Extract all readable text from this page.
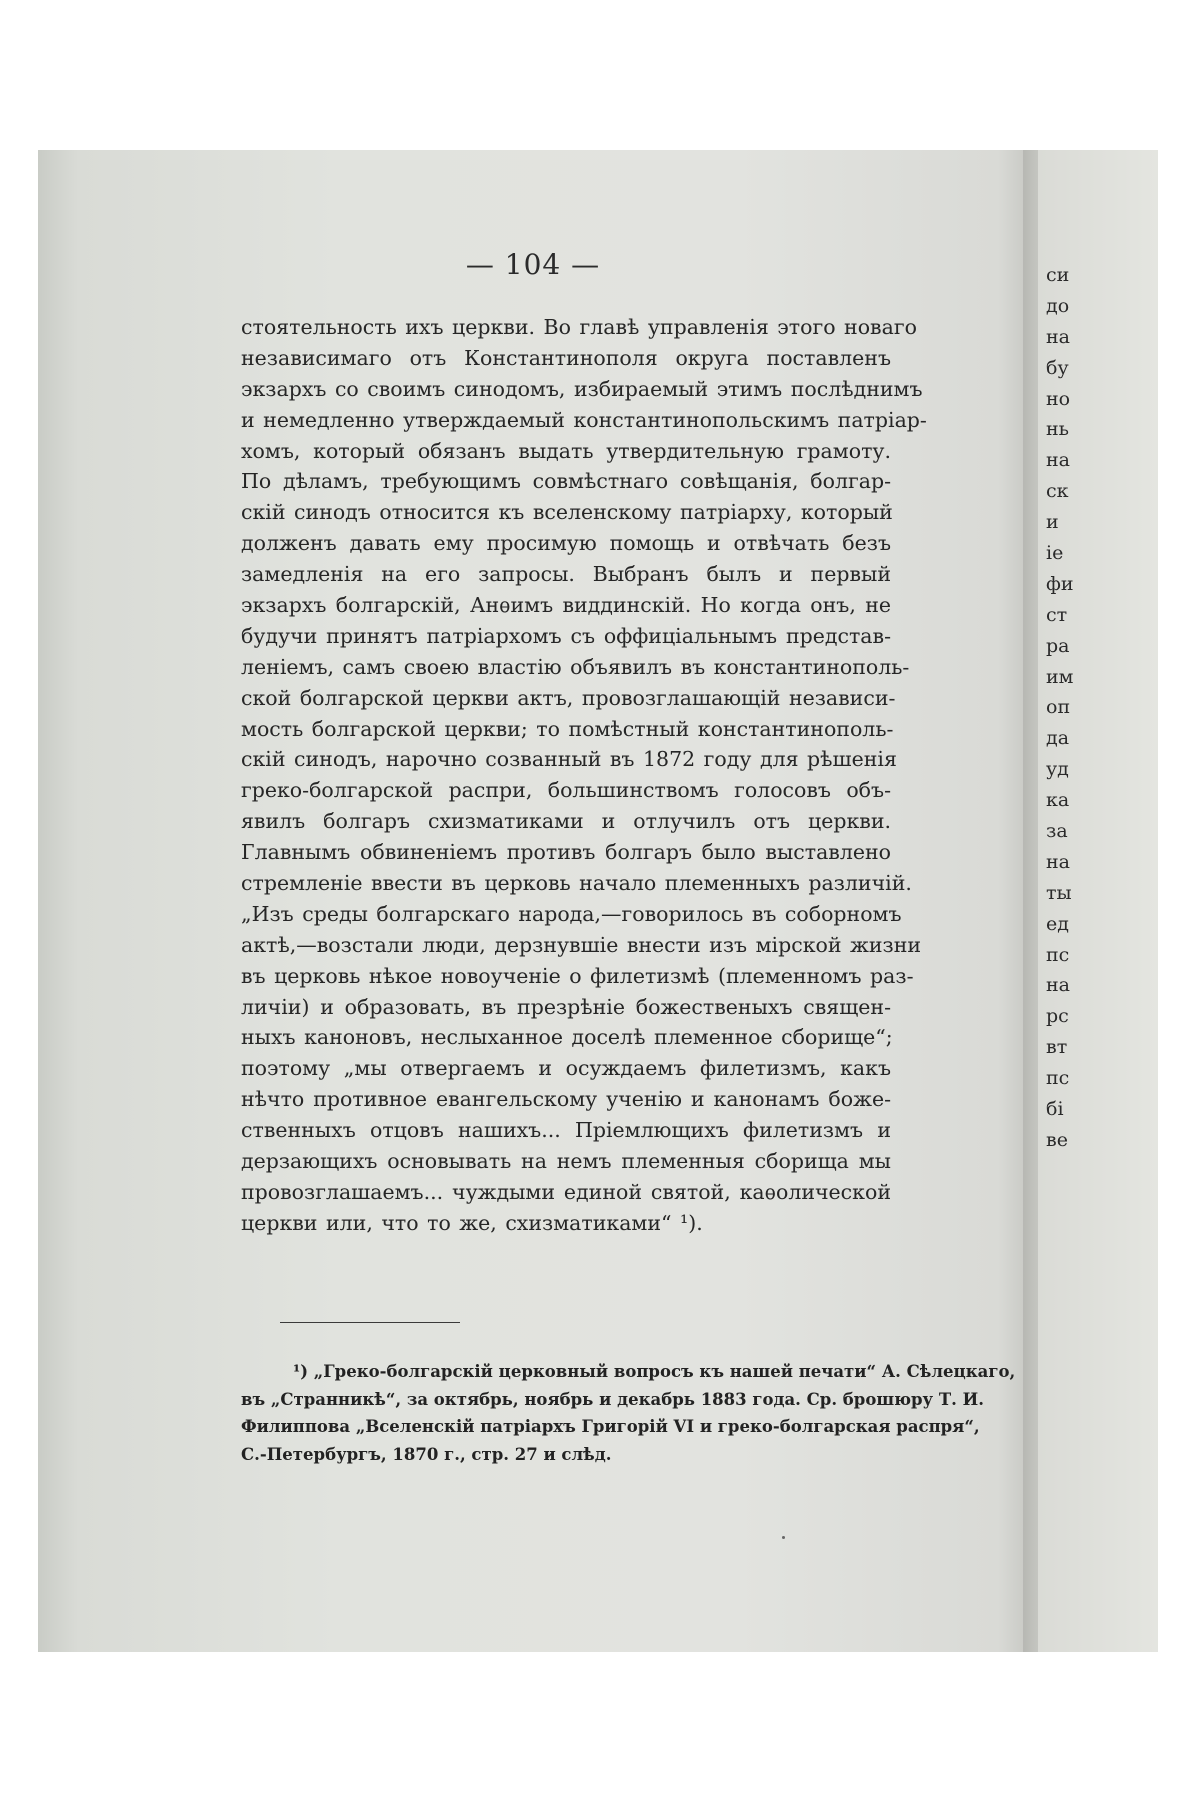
— 104 —
стоятельность ихъ церкви. Во главѣ управленія этого новаго
независимаго отъ Константинополя округа поставленъ
экзархъ со своимъ синодомъ, избираемый этимъ послѣднимъ
и немедленно утверждаемый константинопольскимъ патріар-
хомъ, который обязанъ выдать утвердительную грамоту.
По дѣламъ, требующимъ совмѣстнаго совѣщанія, болгар-
скій синодъ относится къ вселенскому патріарху, который
долженъ давать ему просимую помощь и отвѣчать безъ
замедленія на его запросы. Выбранъ былъ и первый
экзархъ болгарскій, Анѳимъ виддинскій. Но когда онъ, не
будучи принятъ патріархомъ съ оффиціальнымъ представ-
леніемъ, самъ своею властію объявилъ въ константинополь-
ской болгарской церкви актъ, провозглашающій независи-
мость болгарской церкви; то помѣстный константинополь-
скій синодъ, нарочно созванный въ 1872 году для рѣшенія
греко-болгарской распри, большинствомъ голосовъ объ-
явилъ болгаръ схизматиками и отлучилъ отъ церкви.
Главнымъ обвиненіемъ противъ болгаръ было выставлено
стремленіе ввести въ церковь начало племенныхъ различій.
„Изъ среды болгарскаго народа,—говорилось въ соборномъ
актѣ,—возстали люди, дерзнувшіе внести изъ мірской жизни
въ церковь нѣкое новоученіе о филетизмѣ (племенномъ раз-
личіи) и образовать, въ презрѣніе божественыхъ священ-
ныхъ каноновъ, неслыханное доселѣ племенное сборище“;
поэтому „мы отвергаемъ и осуждаемъ филетизмъ, какъ
нѣчто противное евангельскому ученію и канонамъ боже-
ственныхъ отцовъ нашихъ... Пріемлющихъ филетизмъ и
дерзающихъ основывать на немъ племенныя сборища мы
провозглашаемъ... чуждыми единой святой, каѳолической
церкви или, что то же, схизматиками“ ¹).
¹) „Греко-болгарскій церковный вопросъ къ нашей печати“ А. Сѣлецкаго,
въ „Странникѣ“, за октябрь, ноябрь и декабрь 1883 года. Ср. брошюру Т. И.
Филиппова „Вселенскій патріархъ Григорій VI и греко-болгарская распря“,
С.-Петербургъ, 1870 г., стр. 27 и слѣд.
си
до
на
бу
но
нь
на
ск
и
іе
фи
ст
ра
им
оп
да
уд
ка
за
на
ты
ед
пс
на
рс
вт
пс
бі
ве
